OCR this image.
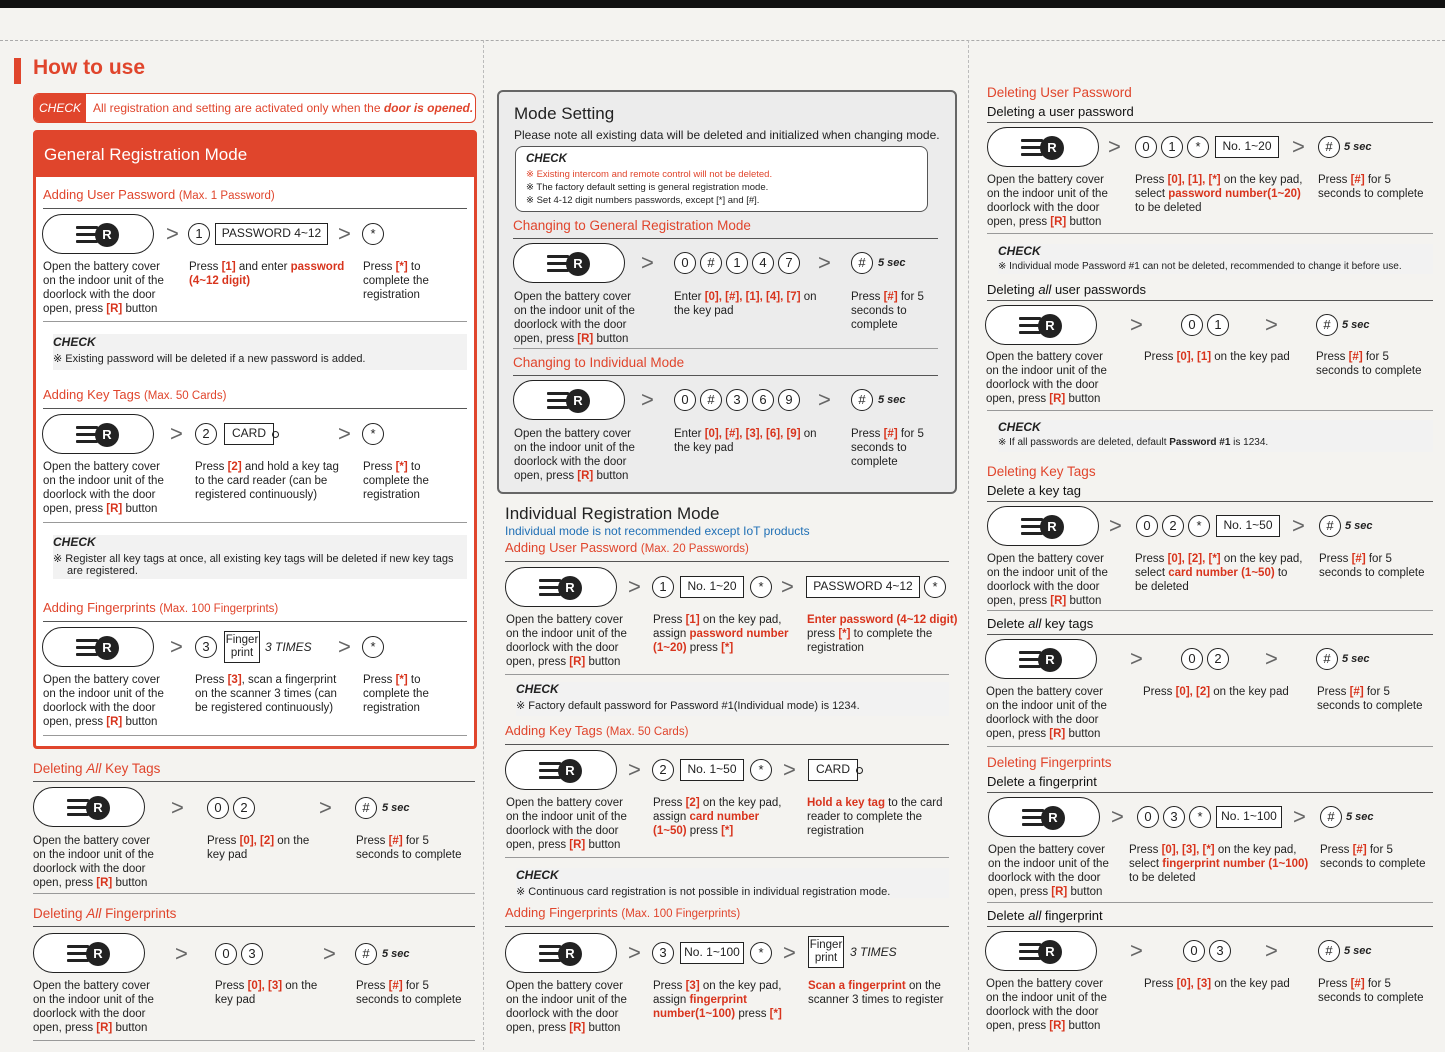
How to use
CHECK	All registration and setting are activated only when the door is opened.
General Registration Mode
Adding User Password (Max. 1 Password)
R	>	1	PASSWORD 4~12 >	*
Open the battery cover
on the indoor unit of the
doorlock with the door
open, press [R] button
Press [1] and enter password
(4~12 digit)
Press [*] to
complete the
registration
CHECK
※ Existing password will be deleted if a new password is added.
Adding Key Tags (Max. 50 Cards)
R	>	2	CARD	>	*
Open the battery cover
on the indoor unit of the
doorlock with the door
open, press [R] button
Press [2] and hold a key tag
to the card reader (can be
registered continuously)
Press [*] to
complete the
registration
CHECK
※ Register all key tags at once, all existing key tags will be deleted if new key tags
are registered.
Adding Fingerprints (Max. 100 Fingerprints)
R	>	3	Finger
print 3 TIMES >	*
Open the battery cover
on the indoor unit of the
doorlock with the door
open, press [R] button
Press [3], scan a fingerprint
on the scanner 3 times (can
be registered continuously)
Press [*] to
complete the
registration
Deleting All Key Tags
R	>	0	2	>	#	5 sec
Open the battery cover
on the indoor unit of the
doorlock with the door
open, press [R] button
Press [0], [2] on the
key pad
Press [#] for 5
seconds to complete
Deleting All Fingerprints
R	>	0	3	>	#	5 sec
Open the battery cover
on the indoor unit of the
doorlock with the door
open, press [R] button
Press [0], [3] on the
key pad
Press [#] for 5
seconds to complete
Mode Setting
Please note all existing data will be deleted and initialized when changing mode.
CHECK
※ Existing intercom and remote control will not be deleted.
※ The factory default setting is general registration mode.
※ Set 4-12 digit numbers passwords, except [*] and [#].
Changing to General Registration Mode
R	>	0	#	1	4	7	>	#	5 sec
Open the battery cover
on the indoor unit of the
doorlock with the door
open, press [R] button
Enter [0], [#], [1], [4], [7] on
the key pad
Press [#] for 5
seconds to
complete
Changing to Individual Mode
R	>	0	#	3	6	9	>	#	5 sec
Open the battery cover
on the indoor unit of the
doorlock with the door
open, press [R] button
Enter [0], [#], [3], [6], [9] on
the key pad
Press [#] for 5
seconds to
complete
Individual Registration Mode
Individual mode is not recommended except IoT products
Adding User Password (Max. 20 Passwords)
R	>	1	No. 1~20	* >	PASSWORD 4~12	*
Open the battery cover
on the indoor unit of the
doorlock with the door
open, press [R] button
Press [1] on the key pad,
assign password number
(1~20) press [*]
Enter password (4~12 digit)
press [*] to complete the
registration
CHECK
※ Factory default password for Password #1(Individual mode) is 1234.
Adding Key Tags (Max. 50 Cards)
R	>	2	No. 1~50	* >	CARD
Open the battery cover
on the indoor unit of the
doorlock with the door
open, press [R] button
Press [2] on the key pad,
assign card number
(1~50) press [*]
Hold a key tag to the card
reader to complete the
registration
CHECK
※ Continuous card registration is not possible in individual registration mode.
Adding Fingerprints (Max. 100 Fingerprints)
R	>	3	No. 1~100	* > Finger
print	3 TIMES
Open the battery cover
on the indoor unit of the
doorlock with the door
open, press [R] button
Press [3] on the key pad,
assign fingerprint
number(1~100) press [*]
Scan a fingerprint on the
scanner 3 times to register
Deleting User Password
Deleting a user password
R	>	0	1	*	No. 1~20 >	#	5 sec
Open the battery cover
on the indoor unit of the
doorlock with the door
open, press [R] button
Press [0], [1], [*] on the key pad,
select password number(1~20)
to be deleted
Press [#] for 5
seconds to complete
CHECK
※ Individual mode Password #1 can not be deleted, recommended to change it before use.
Deleting all user passwords
R	>	0	1	>	#	5 sec
Open the battery cover
on the indoor unit of the
doorlock with the door
open, press [R] button
Press [0], [1] on the key pad Press [#] for 5
seconds to complete
CHECK
※ If all passwords are deleted, default Password #1 is 1234.
Deleting Key Tags
Delete a key tag
R	>	0	2	*	No. 1~50 >	#	5 sec
Open the battery cover
on the indoor unit of the
doorlock with the door
open, press [R] button
Press [0], [2], [*] on the key pad,
select card number (1~50) to
be deleted
Press [#] for 5
seconds to complete
Delete all key tags
R	>	0	2	>	#	5 sec
Open the battery cover
on the indoor unit of the
doorlock with the door
open, press [R] button
Press [0], [2] on the key pad Press [#] for 5
seconds to complete
Deleting Fingerprints
Delete a fingerprint
R	>	0	3	*	No. 1~100 >	#	5 sec
Open the battery cover
on the indoor unit of the
doorlock with the door
open, press [R] button
Press [0], [3], [*] on the key pad,
select fingerprint number (1~100)
to be deleted
Press [#] for 5
seconds to complete
Delete all fingerprint
R	>	0	3	>	#	5 sec
Open the battery cover
on the indoor unit of the
doorlock with the door
open, press [R] button
Press [0], [3] on the key pad Press [#] for 5
seconds to complete
